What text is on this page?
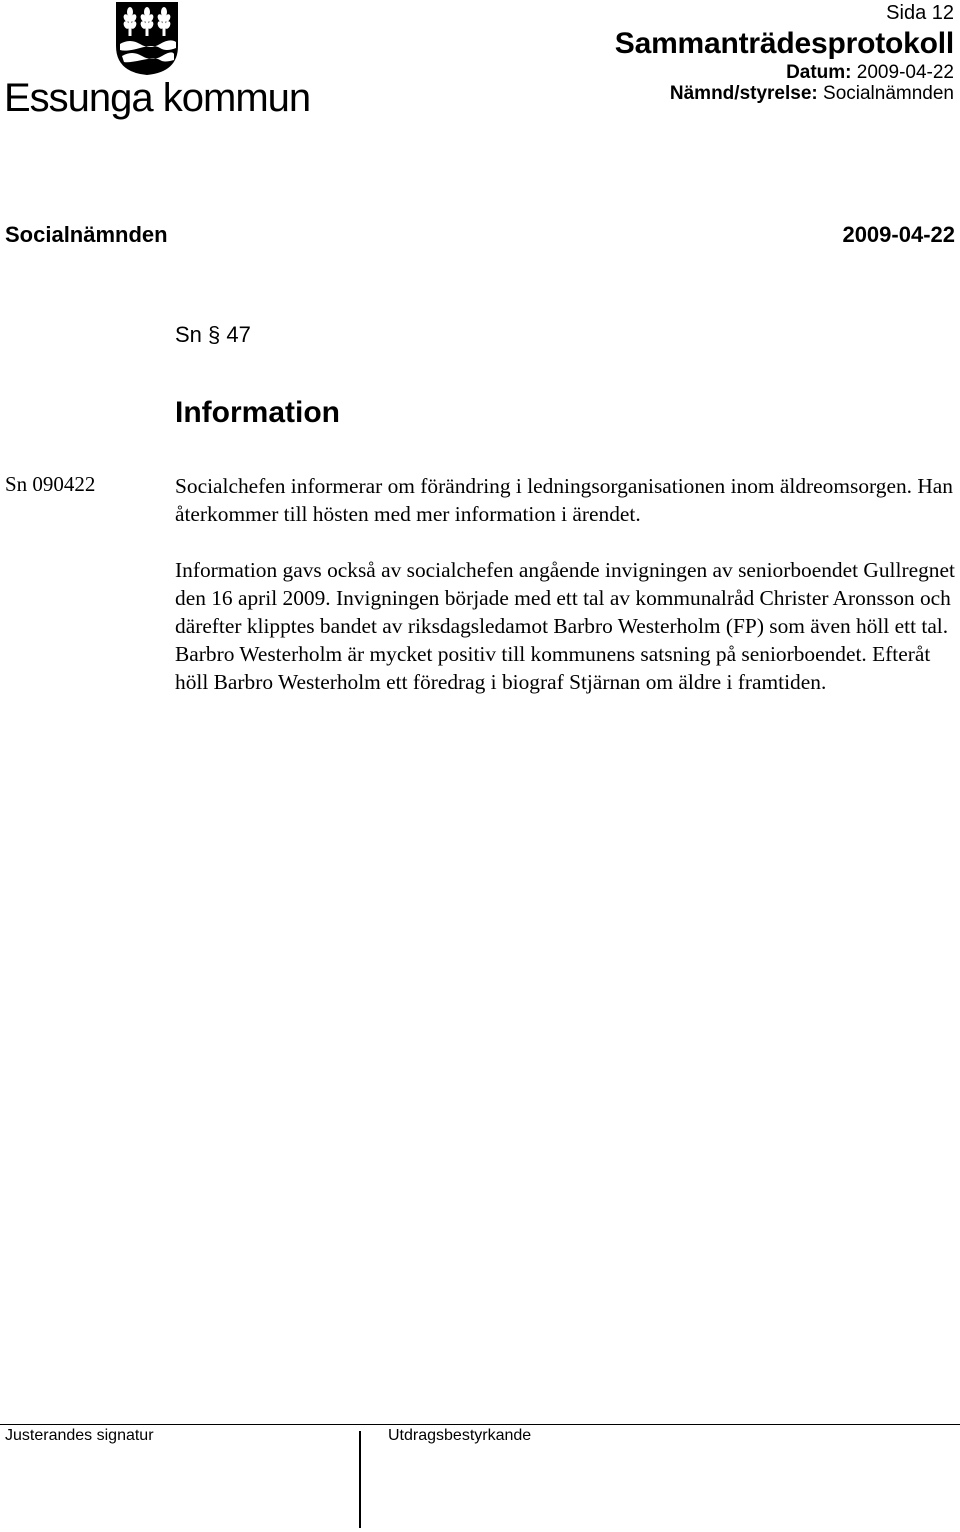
Essunga kommun
Sida 12
Sammanträdesprotokoll
Datum: 2009-04-22
Nämnd/styrelse: Socialnämnden
Socialnämnden	2009-04-22
Sn § 47
Information
Sn 090422	Socialchefen informerar om förändring i ledningsorganisationen inom äldreomsorgen. Han återkommer till hösten med mer information i ärendet.

Information gavs också av socialchefen angående invigningen av seniorboendet Gullregnet den 16 april 2009. Invigningen började med ett tal av kommunalråd Christer Aronsson och därefter klipptes bandet av riksdagsledamot Barbro Westerholm (FP) som även höll ett tal. Barbro Westerholm är mycket positiv till kommunens satsning på seniorboendet. Efteråt höll Barbro Westerholm ett föredrag i biograf Stjärnan om äldre i framtiden.

Justerandes signatur	Utdragsbestyrkande
